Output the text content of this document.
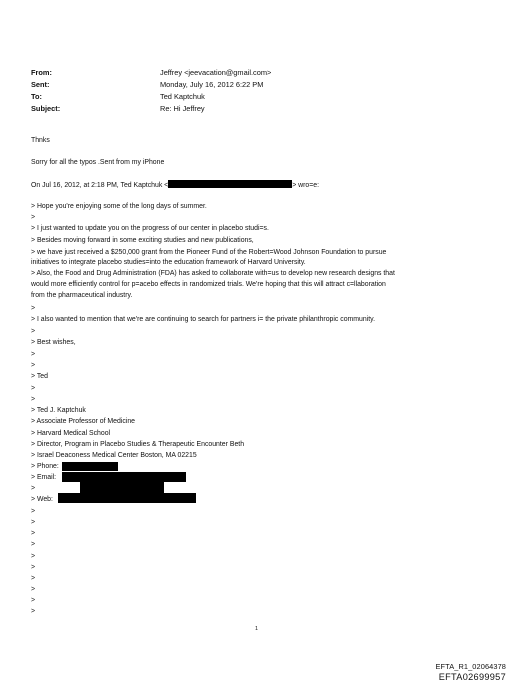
From:	Jeffrey <jeevacation@gmail.com>
Sent:	Monday, July 16, 2012 6:22 PM
To:	Ted Kaptchuk
Subject:	Re: Hi Jeffrey
Thnks
Sorry for all the typos .Sent from my iPhone
On Jul 16, 2012, at 2:18 PM, Ted Kaptchuk <	> wro=e:
> Hope you're enjoying some of the long days of summer.
>
> I just wanted to update you on the progress of our center in placebo studi=s.
> Besides moving forward in some exciting studies and new publications,
> we have just received a $250,000 grant from the Pioneer Fund of the Robert=Wood Johnson Foundation to pursue
initiatives to integrate placebo studies=into the education framework of Harvard University.
> Also, the Food and Drug Administration (FDA) has asked to collaborate with=us to develop new research designs that
would more efficiently control for p=acebo effects in randomized trials. We're hoping that this will attract c=llaboration
from the pharmaceutical industry.
>
> I also wanted to mention that we're are continuing to search for partners i= the private philanthropic community.
>
> Best wishes,
>
>
> Ted
>
>
> Ted J. Kaptchuk
> Associate Professor of Medicine
> Harvard Medical School
> Director, Program in Placebo Studies & Therapeutic Encounter Beth
> Israel Deaconess Medical Center Boston, MA 02215
> Phone:
> Email:
>
> Web:
>
>
>
>
>
>
>
>
>
>
1
EFTA_R1_02064378
EFTA02699957
